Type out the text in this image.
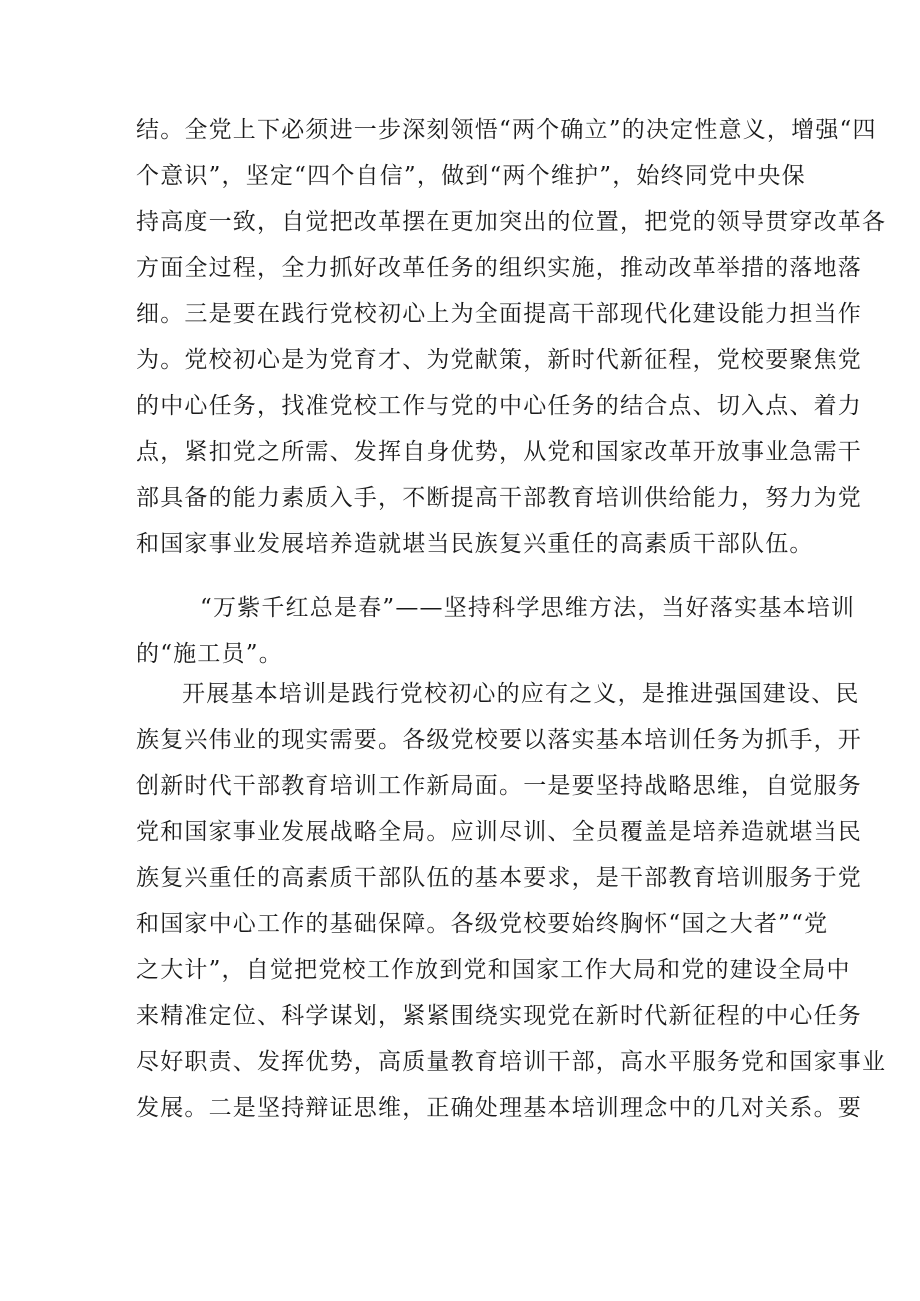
结。全党上下必须进一步深刻领悟“两个确立”的决定性意义，增强“四
个意识”，坚定“四个自信”，做到“两个维护”，始终同党中央保
持高度一致，自觉把改革摆在更加突出的位置，把党的领导贯穿改革各
方面全过程，全力抓好改革任务的组织实施，推动改革举措的落地落
细。三是要在践行党校初心上为全面提高干部现代化建设能力担当作
为。党校初心是为党育才、为党献策，新时代新征程，党校要聚焦党
的中心任务，找准党校工作与党的中心任务的结合点、切入点、着力
点，紧扣党之所需、发挥自身优势，从党和国家改革开放事业急需干
部具备的能力素质入手，不断提高干部教育培训供给能力，努力为党
和国家事业发展培养造就堪当民族复兴重任的高素质干部队伍。
“万紫千红总是春”——坚持科学思维方法，当好落实基本培训
的“施工员”。
开展基本培训是践行党校初心的应有之义，是推进强国建设、民
族复兴伟业的现实需要。各级党校要以落实基本培训任务为抓手，开
创新时代干部教育培训工作新局面。一是要坚持战略思维，自觉服务
党和国家事业发展战略全局。应训尽训、全员覆盖是培养造就堪当民
族复兴重任的高素质干部队伍的基本要求，是干部教育培训服务于党
和国家中心工作的基础保障。各级党校要始终胸怀“国之大者”“党
之大计”，自觉把党校工作放到党和国家工作大局和党的建设全局中
来精准定位、科学谋划，紧紧围绕实现党在新时代新征程的中心任务
尽好职责、发挥优势，高质量教育培训干部，高水平服务党和国家事业
发展。二是坚持辩证思维，正确处理基本培训理念中的几对关系。要
